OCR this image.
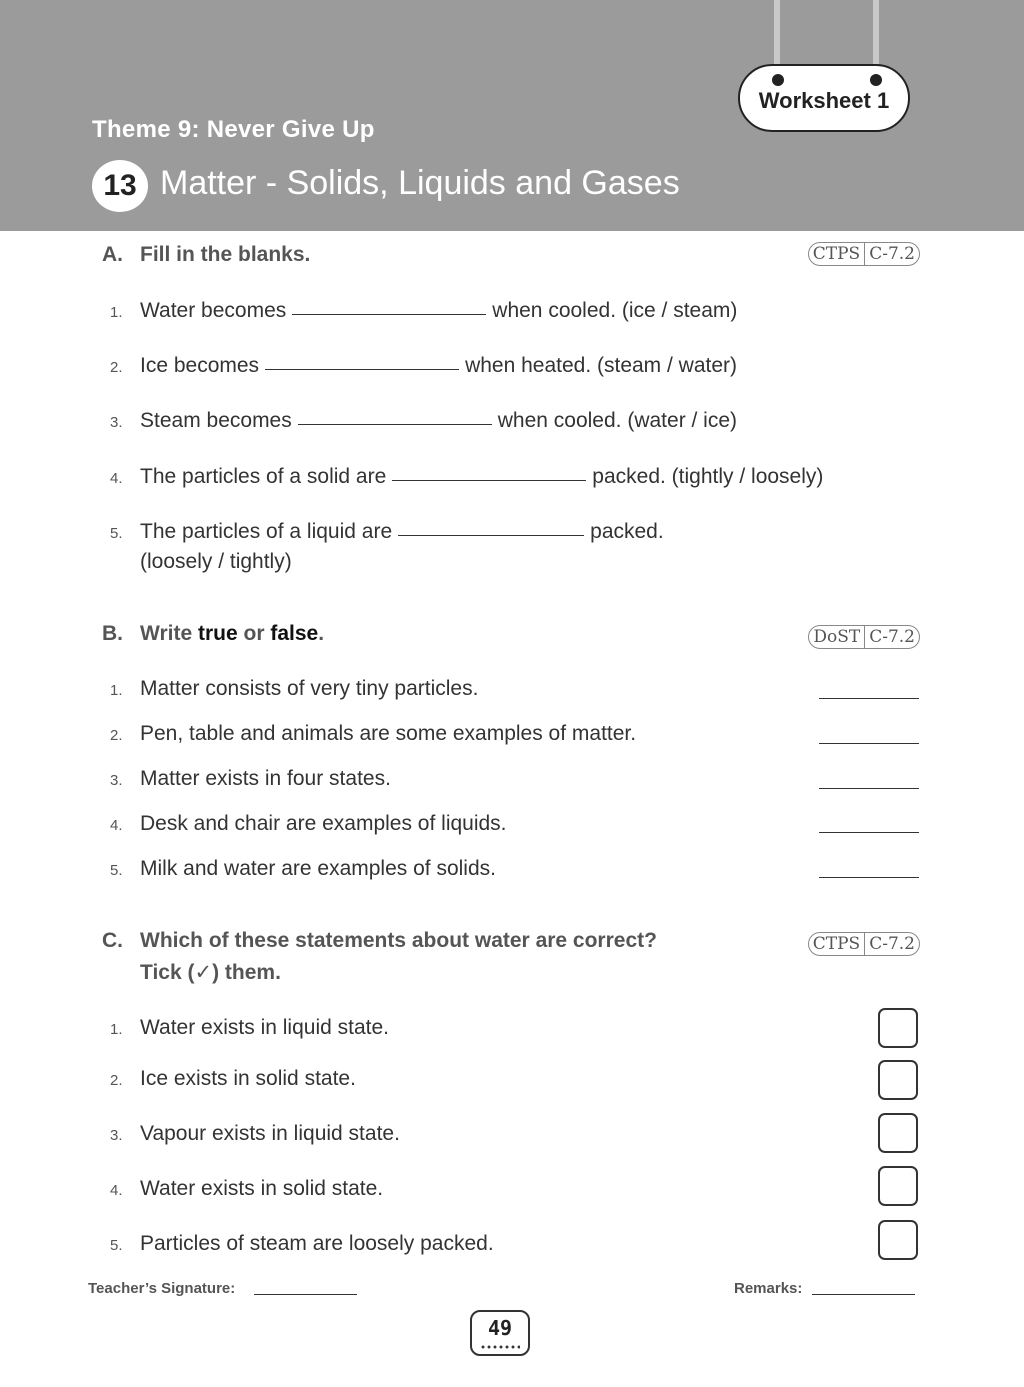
Worksheet 1
Theme 9: Never Give Up
13 Matter - Solids, Liquids and Gases
A. Fill in the blanks.	CTPS C-7.2
1. Water becomes	when cooled. (ice / steam)
2. Ice becomes	when heated. (steam / water)
3. Steam becomes	when cooled. (water / ice)
4. The particles of a solid are	packed. (tightly / loosely)
5. The particles of a liquid are	packed.
(loosely / tightly)
B. Write true or false.	DoST C-7.2
1. Matter consists of very tiny particles.
2. Pen, table and animals are some examples of matter.
3. Matter exists in four states.
4. Desk and chair are examples of liquids.
5. Milk and water are examples of solids.
C. Which of these statements about water are correct?
Tick (✓) them.
CTPS C-7.2
1. Water exists in liquid state.
2. Ice exists in solid state.
3. Vapour exists in liquid state.
4. Water exists in solid state.
5. Particles of steam are loosely packed.
Teacher’s Signature:	Remarks:
49
